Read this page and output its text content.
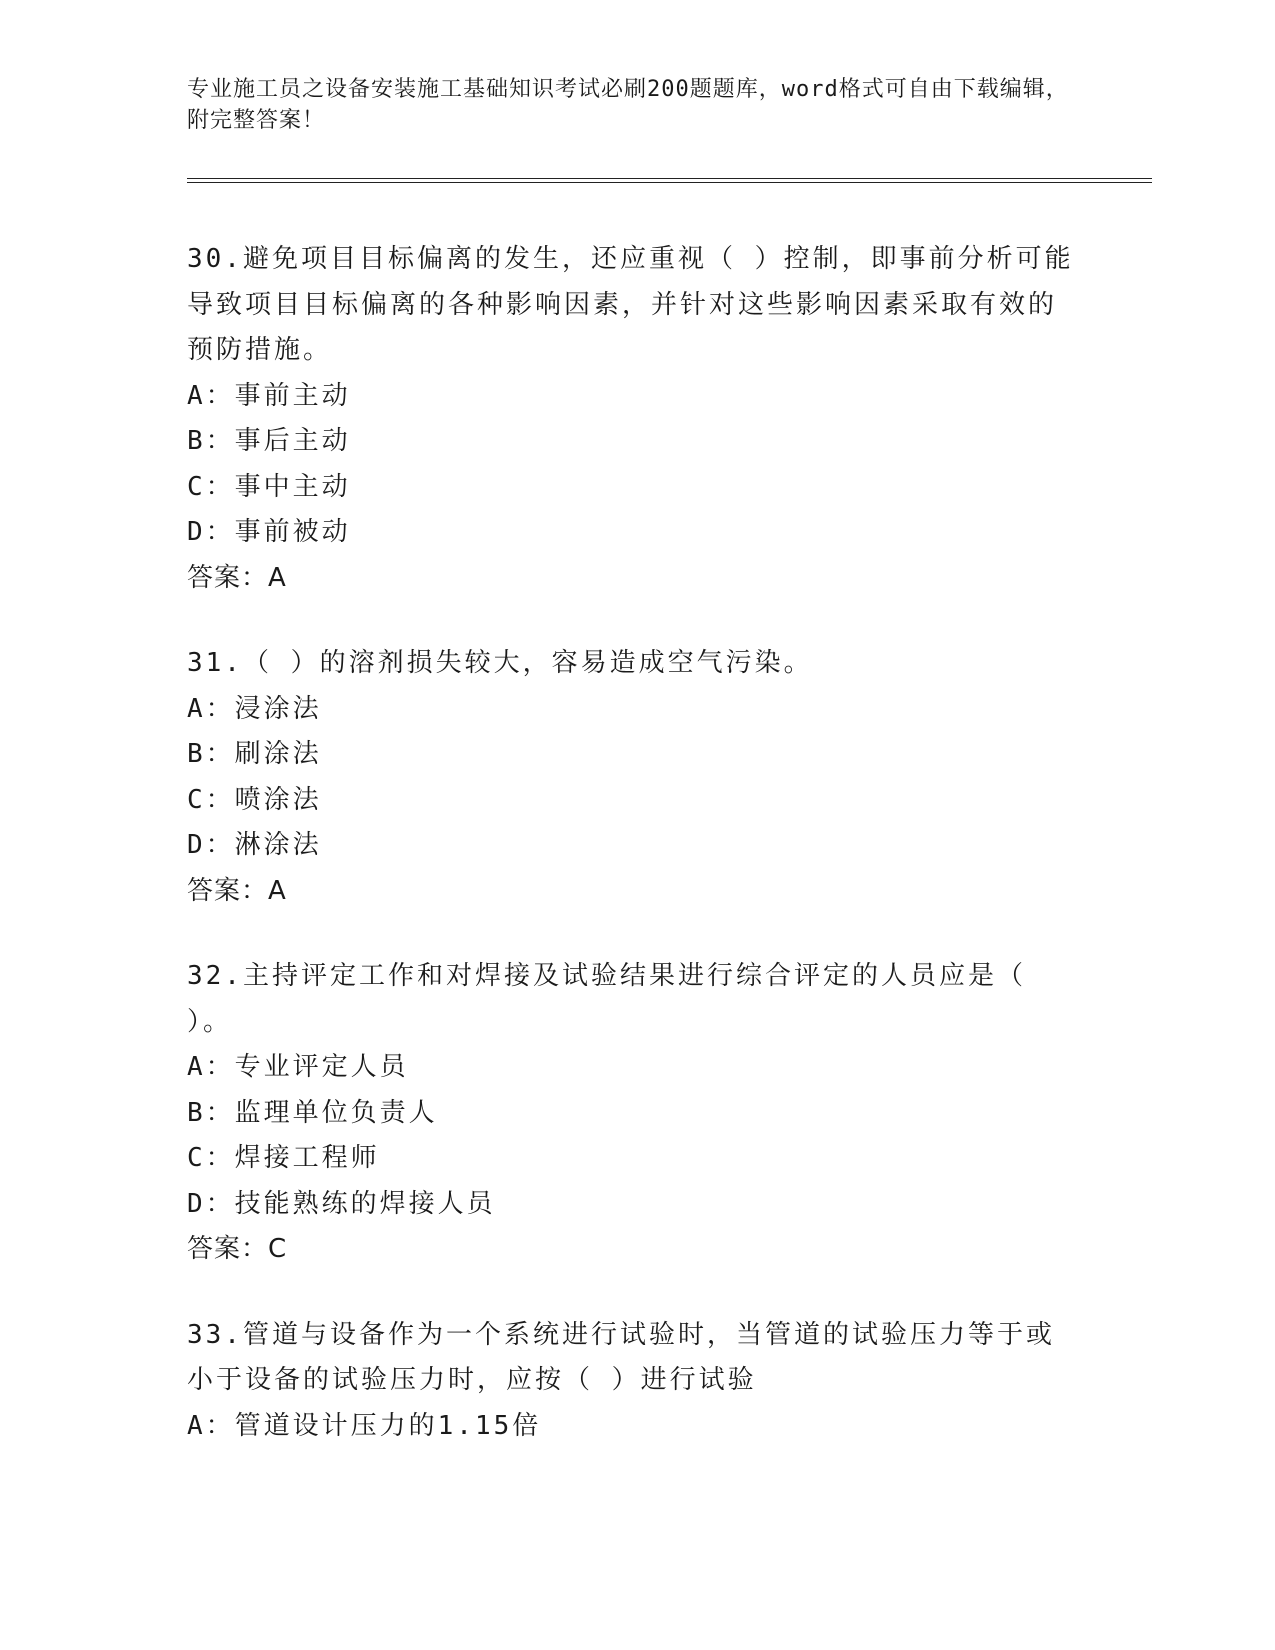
专业施工员之设备安装施工基础知识考试必刷200题题库，word格式可自由下载编辑，附完整答案！
30.避免项目目标偏离的发生，还应重视（ ）控制，即事前分析可能导致项目目标偏离的各种影响因素，并针对这些影响因素采取有效的预防措施。
A：事前主动
B：事后主动
C：事中主动
D：事前被动
答案：A
31.（ ）的溶剂损失较大，容易造成空气污染。
A：浸涂法
B：刷涂法
C：喷涂法
D：淋涂法
答案：A
32.主持评定工作和对焊接及试验结果进行综合评定的人员应是（ ）。
A：专业评定人员
B：监理单位负责人
C：焊接工程师
D：技能熟练的焊接人员
答案：C
33.管道与设备作为一个系统进行试验时，当管道的试验压力等于或小于设备的试验压力时，应按（ ）进行试验
A：管道设计压力的1.15倍
